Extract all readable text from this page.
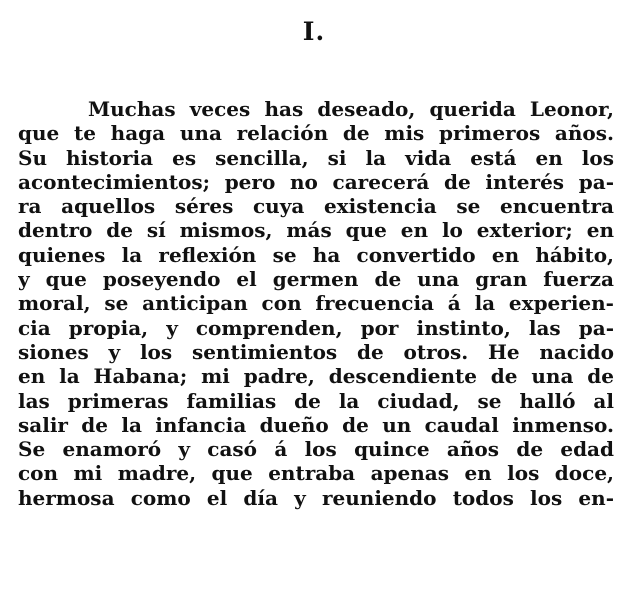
I.
Muchas veces has deseado, querida Leonor,
que te haga una relación de mis primeros años.
Su historia es sencilla, si la vida está en los
acontecimientos; pero no carecerá de interés pa-
ra aquellos séres cuya existencia se encuentra
dentro de sí mismos, más que en lo exterior; en
quienes la reflexión se ha convertido en hábito,
y que poseyendo el germen de una gran fuerza
moral, se anticipan con frecuencia á la experien-
cia propia, y comprenden, por instinto, las pa-
siones y los sentimientos de otros. He nacido
en la Habana; mi padre, descendiente de una de
las primeras familias de la ciudad, se halló al
salir de la infancia dueño de un caudal inmenso.
Se enamoró y casó á los quince años de edad
con mi madre, que entraba apenas en los doce,
hermosa como el día y reuniendo todos los en-
